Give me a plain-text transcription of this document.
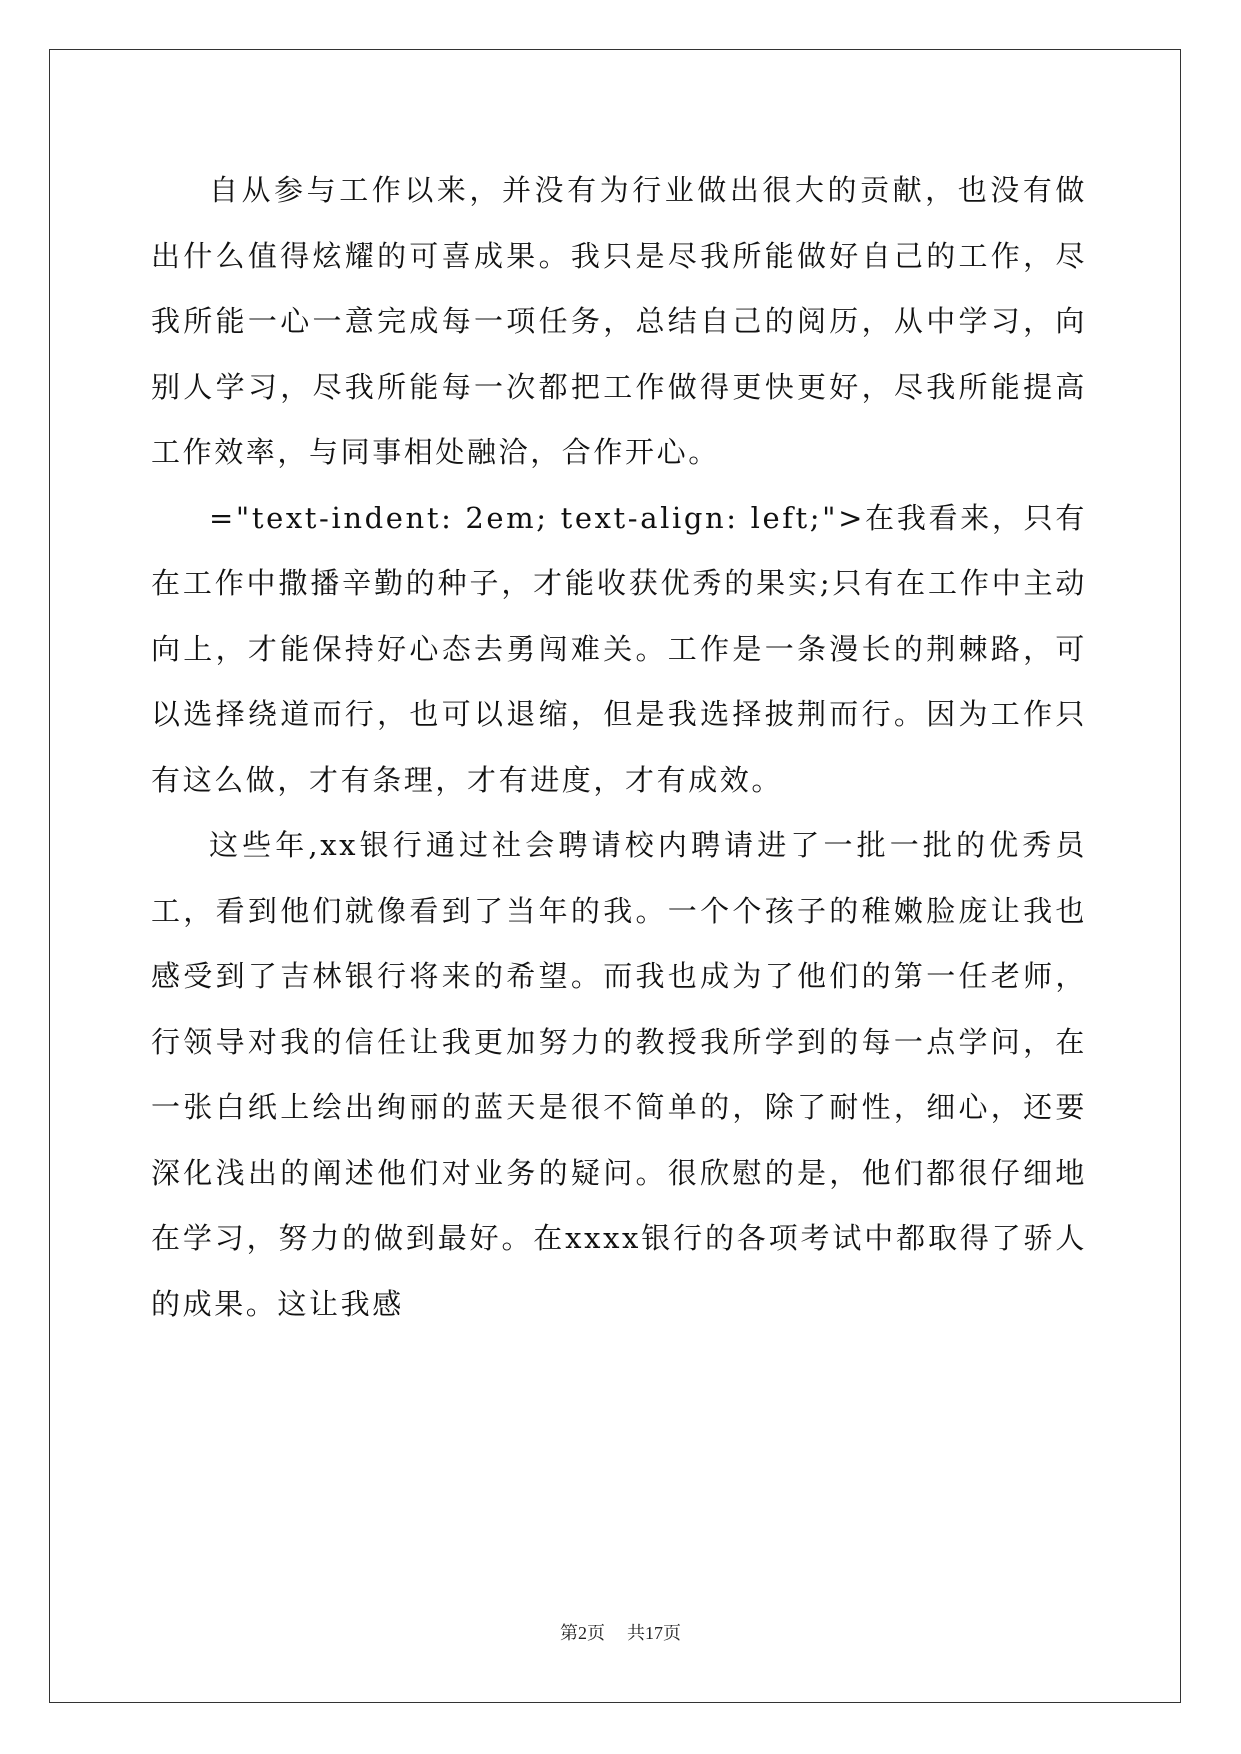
自从参与工作以来，并没有为行业做出很大的贡献，也没有做出什么值得炫耀的可喜成果。我只是尽我所能做好自己的工作，尽我所能一心一意完成每一项任务，总结自己的阅历，从中学习，向别人学习，尽我所能每一次都把工作做得更快更好，尽我所能提高工作效率，与同事相处融洽，合作开心。

="text-indent: 2em; text-align: left;">在我看来，只有在工作中撒播辛勤的种子，才能收获优秀的果实;只有在工作中主动向上，才能保持好心态去勇闯难关。工作是一条漫长的荆棘路，可以选择绕道而行，也可以退缩，但是我选择披荆而行。因为工作只有这么做，才有条理，才有进度，才有成效。

这些年,xx银行通过社会聘请校内聘请进了一批一批的优秀员工，看到他们就像看到了当年的我。一个个孩子的稚嫩脸庞让我也感受到了吉林银行将来的希望。而我也成为了他们的第一任老师，行领导对我的信任让我更加努力的教授我所学到的每一点学问，在一张白纸上绘出绚丽的蓝天是很不简单的，除了耐性，细心，还要深化浅出的阐述他们对业务的疑问。很欣慰的是，他们都很仔细地在学习，努力的做到最好。在xxxx银行的各项考试中都取得了骄人的成果。这让我感

第2页 共17页
